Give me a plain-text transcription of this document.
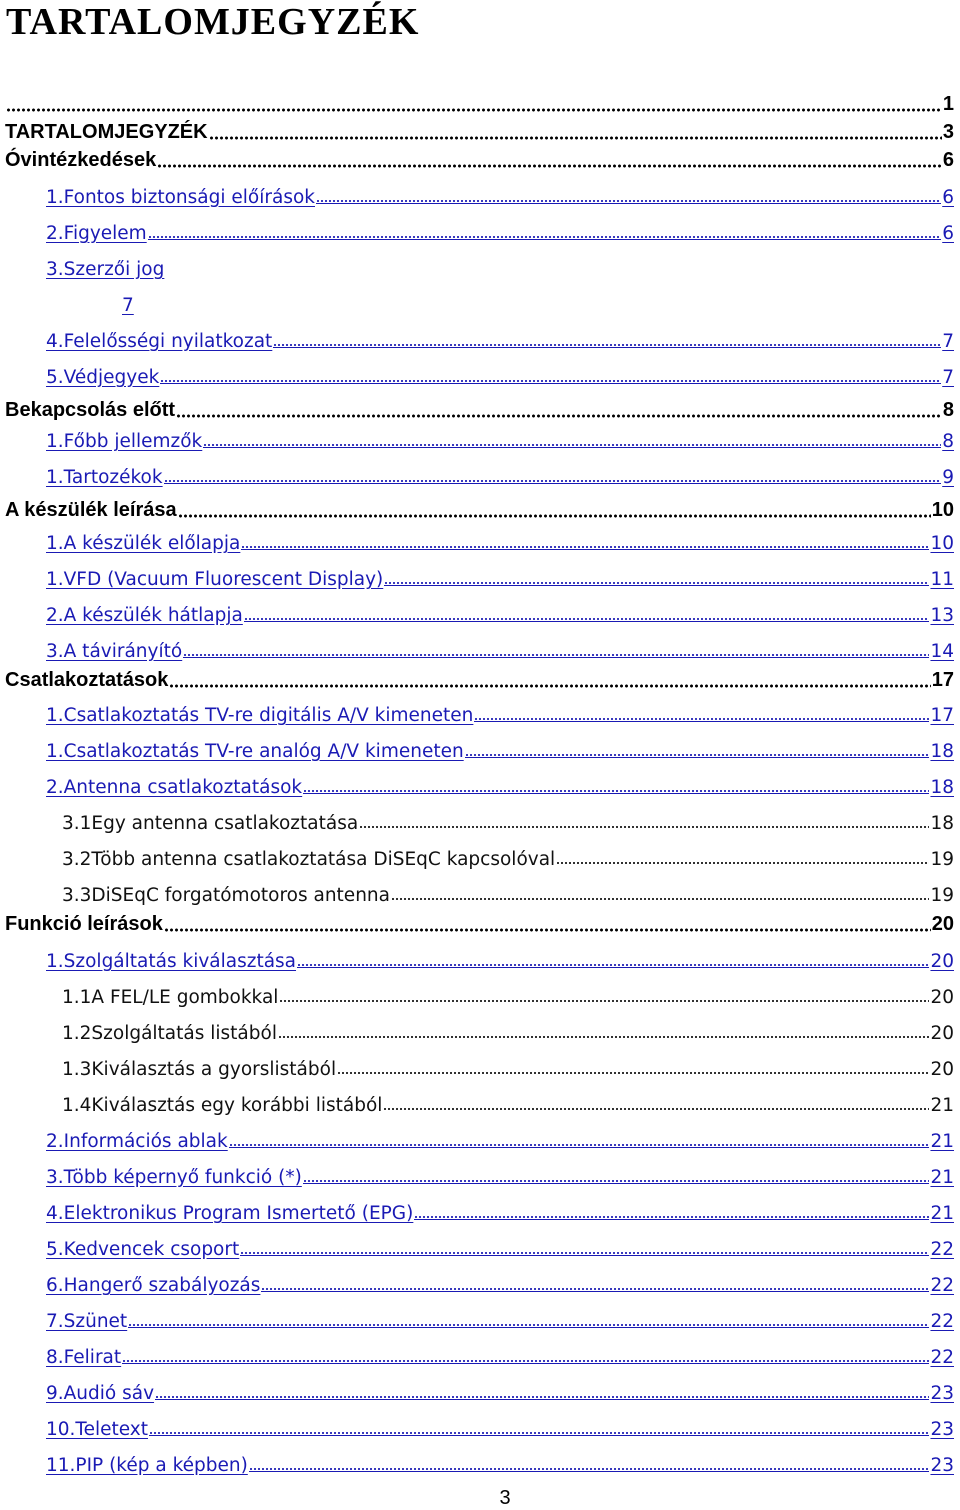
TARTALOMJEGYZÉK
1
TARTALOMJEGYZÉK	3
Óvintézkedések	6
1.Fontos biztonsági előírások	6
2.Figyelem	6
3.Szerzői jog
7
4.Felelősségi nyilatkozat	7
5.Védjegyek	7
Bekapcsolás előtt	8
1.Főbb jellemzők	8
1.Tartozékok	9
A készülék leírása	10
1.A készülék előlapja	10
1.VFD (Vacuum Fluorescent Display)	11
2.A készülék hátlapja	13
3.A távirányító	14
Csatlakoztatások	17
1.Csatlakoztatás TV-re digitális A/V kimeneten	17
1.Csatlakoztatás TV-re analóg A/V kimeneten	18
2.Antenna csatlakoztatások	18
3.1Egy antenna csatlakoztatása	18
3.2Több antenna csatlakoztatása DiSEqC kapcsolóval	19
3.3DiSEqC forgatómotoros antenna	19
Funkció leírások	20
1.Szolgáltatás kiválasztása	20
1.1A FEL/LE gombokkal	20
1.2Szolgáltatás listából	20
1.3Kiválasztás a gyorslistából	20
1.4Kiválasztás egy korábbi listából	21
2.Információs ablak	21
3.Több képernyő funkció (*)	21
4.Elektronikus Program Ismertető (EPG)	21
5.Kedvencek csoport	22
6.Hangerő szabályozás	22
7.Szünet	22
8.Felirat	22
9.Audió sáv	23
10.Teletext	23
11.PIP (kép a képben)	23
3
